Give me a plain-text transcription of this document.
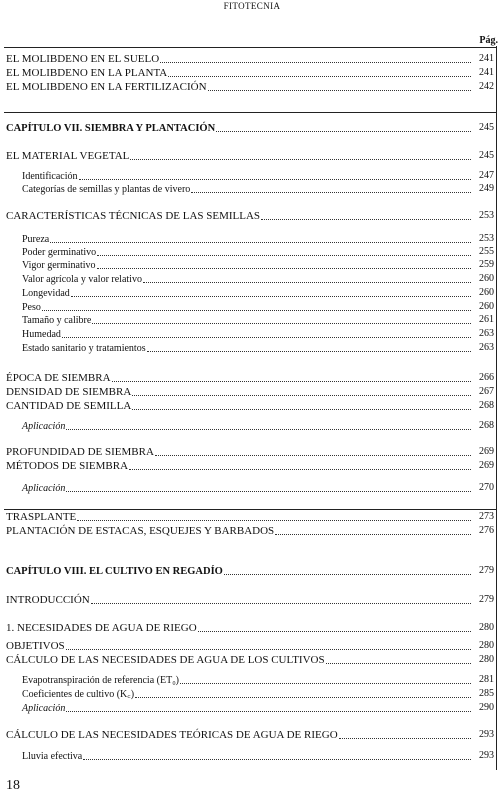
FITOTECNIA
Pág.
EL MOLIBDENO EN EL SUELO	241
EL MOLIBDENO EN LA PLANTA	241
EL MOLIBDENO EN LA FERTILIZACIÓN	242
CAPÍTULO VII. SIEMBRA Y PLANTACIÓN	245
EL MATERIAL VEGETAL	245
Identificación	247
Categorías de semillas y plantas de vivero	249
CARACTERÍSTICAS TÉCNICAS DE LAS SEMILLAS	253
Pureza	253
Poder germinativo	255
Vigor germinativo	259
Valor agrícola y valor relativo	260
Longevidad	260
Peso	260
Tamaño y calibre	261
Humedad	263
Estado sanitario y tratamientos	263
ÉPOCA DE SIEMBRA	266
DENSIDAD DE SIEMBRA	267
CANTIDAD DE SEMILLA	268
Aplicación	268
PROFUNDIDAD DE SIEMBRA	269
MÉTODOS DE SIEMBRA	269
Aplicación	270
TRASPLANTE	273
PLANTACIÓN DE ESTACAS, ESQUEJES Y BARBADOS	276
CAPÍTULO VIII. EL CULTIVO EN REGADÍO	279
INTRODUCCIÓN	279
1. NECESIDADES DE AGUA DE RIEGO	280
OBJETIVOS	280
CÁLCULO DE LAS NECESIDADES DE AGUA DE LOS CULTIVOS	280
Evapotranspiración de referencia (ET₀)	281
Coeficientes de cultivo (K꜀)	285
Aplicación	290
CÁLCULO DE LAS NECESIDADES TEÓRICAS DE AGUA DE RIEGO	293
Lluvia efectiva	293
18
